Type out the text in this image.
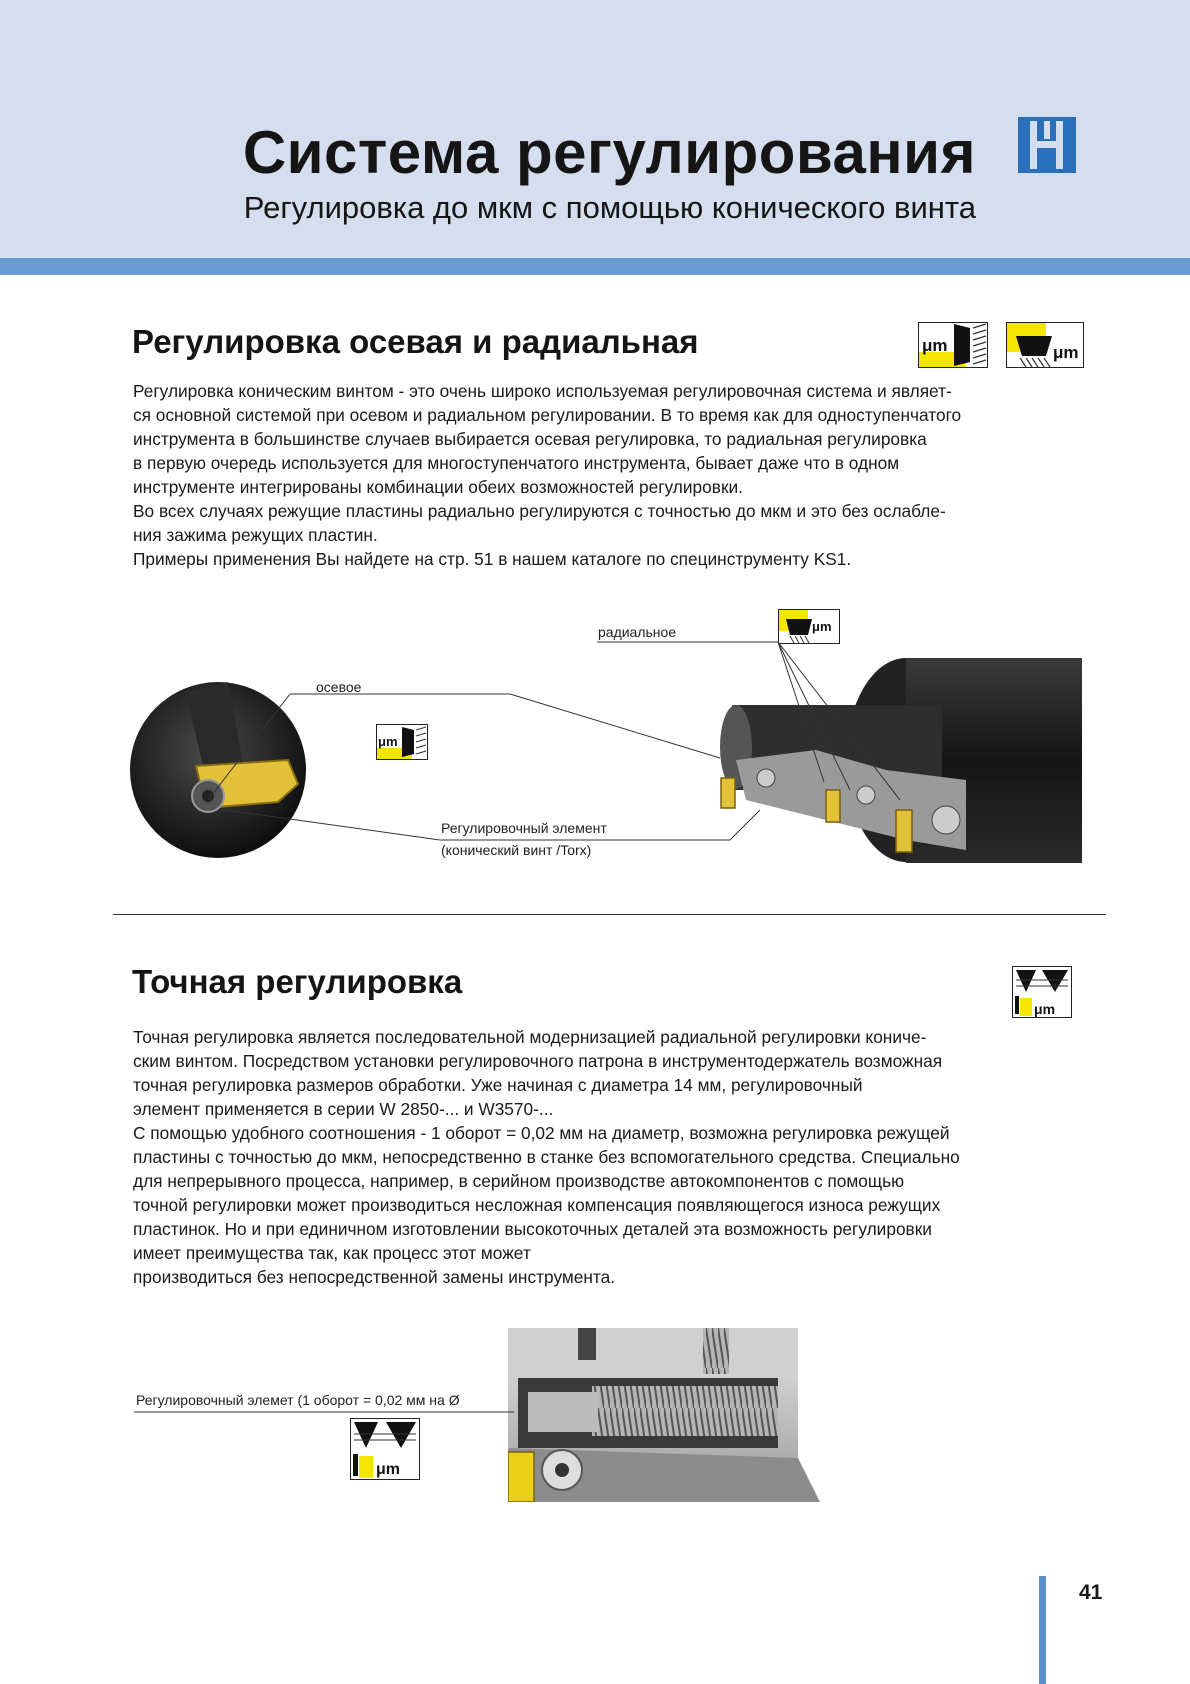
Система регулирования
Регулировка до мкм с помощью конического винта
Регулировка осевая и радиальная	μm	μm

Регулировка коническим винтом - это очень широко используемая регулировочная система и являет-

ся основной системой при осевом и радиальном регулировании. В то время как для одноступенчатого

инструмента в большинстве случаев выбирается осевая регулировка, то радиальная регулировка

в первую очередь используется для многоступенчатого инструмента, бывает даже что в одном

инструменте интегрированы комбинации обеих возможностей регулировки.

Во всех случаях режущие пластины радиально регулируются с точностью до мкм и это без ослабле-

ния зажима режущих пластин.

Примеры применения Вы найдете на стр. 51 в нашем каталоге по специнструменту KS1.

μm
μm
радиальное
осевое
Регулировочный элемент
(конический винт /Torx)
Точная регулировка
μm

Точная регулировка является последовательной модернизацией радиальной регулировки кониче-

ским винтом. Посредством установки регулировочного патрона в инструментодержатель возможная

точная регулировка размеров обработки. Уже начиная с диаметра 14 мм, регулировочный

элемент применяется в серии W 2850-... и W3570-...

С помощью удобного соотношения - 1 оборот = 0,02 мм на диаметр, возможна регулировка режущей

пластины с точностью до мкм, непосредственно в станке без вспомогательного средства. Специально

для непрерывного процесса, например, в серийном производстве автокомпонентов с помощью

точной регулировки может производиться несложная компенсация появляющегося износа режущих

пластинок. Но и при единичном изготовлении высокоточных деталей эта возможность регулировки

имеет преимущества так, как процесс этот может

производиться без непосредственной замены инструмента.

Регулировочный элемет (1 оборот = 0,02 мм на Ø
μm
41
